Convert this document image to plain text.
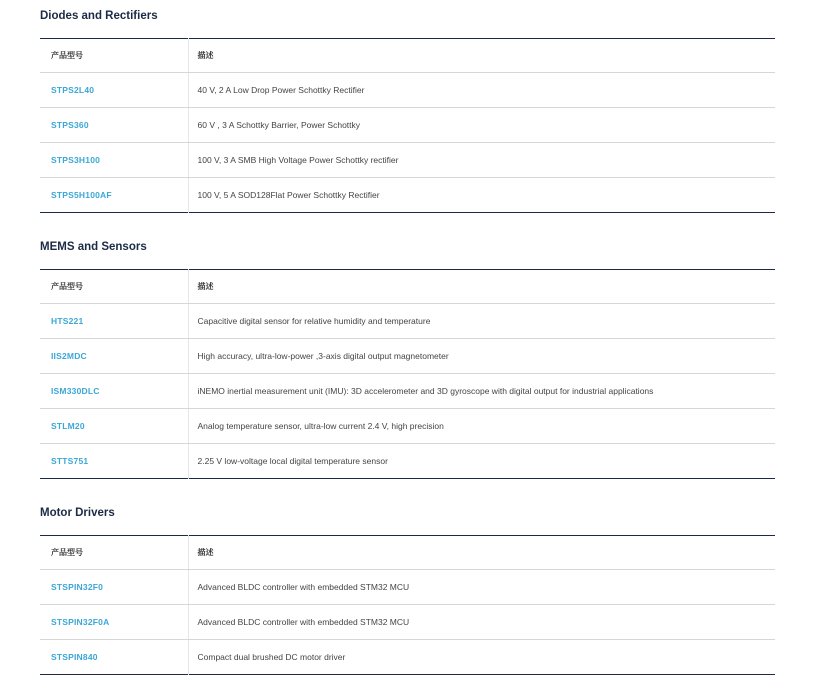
Diodes and Rectifiers
产品型号	描述
STPS2L40	40 V, 2 A Low Drop Power Schottky Rectifier
STPS360	60 V , 3 A Schottky Barrier, Power Schottky
STPS3H100	100 V, 3 A SMB High Voltage Power Schottky rectifier
STPS5H100AF	100 V, 5 A SOD128Flat Power Schottky Rectifier
MEMS and Sensors
产品型号	描述
HTS221	Capacitive digital sensor for relative humidity and temperature
IIS2MDC	High accuracy, ultra-low-power ,3-axis digital output magnetometer
ISM330DLC	iNEMO inertial measurement unit (IMU): 3D accelerometer and 3D gyroscope with digital output for industrial applications
STLM20	Analog temperature sensor, ultra-low current 2.4 V, high precision
STTS751	2.25 V low-voltage local digital temperature sensor
Motor Drivers
产品型号	描述
STSPIN32F0	Advanced BLDC controller with embedded STM32 MCU
STSPIN32F0A	Advanced BLDC controller with embedded STM32 MCU
STSPIN840	Compact dual brushed DC motor driver
